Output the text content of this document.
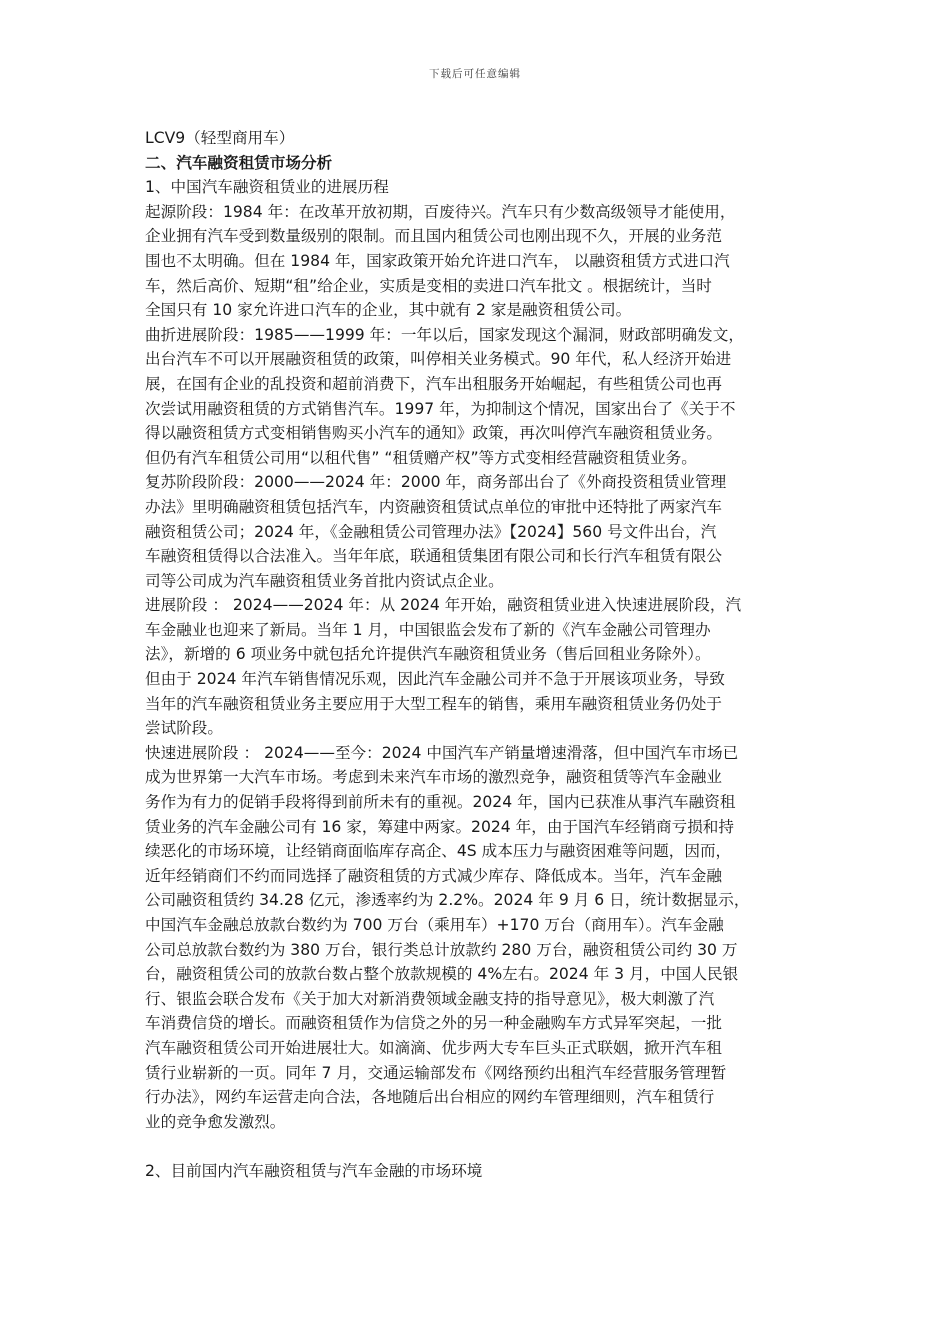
下载后可任意编辑
LCV9（轻型商用车）
二、汽车融资租赁市场分析
1、中国汽车融资租赁业的进展历程
起源阶段：1984 年：在改革开放初期，百废待兴。汽车只有少数高级领导才能使用，
企业拥有汽车受到数量级别的限制。而且国内租赁公司也刚出现不久，开展的业务范
围也不太明确。但在 1984 年，国家政策开始允许进口汽车， 以融资租赁方式进口汽
车，然后高价、短期“租”给企业，实质是变相的卖进口汽车批文 。根据统计，当时
全国只有 10 家允许进口汽车的企业，其中就有 2 家是融资租赁公司。
曲折进展阶段：1985——1999 年：一年以后，国家发现这个漏洞，财政部明确发文，
出台汽车不可以开展融资租赁的政策，叫停相关业务模式。90 年代，私人经济开始进
展，在国有企业的乱投资和超前消费下，汽车出租服务开始崛起，有些租赁公司也再
次尝试用融资租赁的方式销售汽车。1997 年，为抑制这个情况，国家出台了《关于不
得以融资租赁方式变相销售购买小汽车的通知》政策，再次叫停汽车融资租赁业务。
但仍有汽车租赁公司用“以租代售” “租赁赠产权”等方式变相经营融资租赁业务。
复苏阶段阶段：2000——2024 年：2000 年，商务部出台了《外商投资租赁业管理
办法》里明确融资租赁包括汽车，内资融资租赁试点单位的审批中还特批了两家汽车
融资租赁公司；2024 年，《金融租赁公司管理办法》【2024】560 号文件出台，汽
车融资租赁得以合法准入。当年年底，联通租赁集团有限公司和长行汽车租赁有限公
司等公司成为汽车融资租赁业务首批内资试点企业。
进展阶段 ： 2024——2024 年：从 2024 年开始，融资租赁业进入快速进展阶段，汽
车金融业也迎来了新局。当年 1 月，中国银监会发布了新的《汽车金融公司管理办
法》，新增的 6 项业务中就包括允许提供汽车融资租赁业务（售后回租业务除外）。
但由于 2024 年汽车销售情况乐观，因此汽车金融公司并不急于开展该项业务，导致
当年的汽车融资租赁业务主要应用于大型工程车的销售，乘用车融资租赁业务仍处于
尝试阶段。
快速进展阶段 ： 2024——至今：2024 中国汽车产销量增速滑落，但中国汽车市场已
成为世界第一大汽车市场。考虑到未来汽车市场的激烈竞争，融资租赁等汽车金融业
务作为有力的促销手段将得到前所未有的重视。2024 年，国内已获准从事汽车融资租
赁业务的汽车金融公司有 16 家，筹建中两家。2024 年，由于国汽车经销商亏损和持
续恶化的市场环境，让经销商面临库存高企、4S 成本压力与融资困难等问题，因而，
近年经销商们不约而同选择了融资租赁的方式减少库存、降低成本。当年，汽车金融
公司融资租赁约 34.28 亿元，渗透率约为 2.2%。2024 年 9 月 6 日，统计数据显示，
中国汽车金融总放款台数约为 700 万台（乘用车）+170 万台（商用车）。汽车金融
公司总放款台数约为 380 万台，银行类总计放款约 280 万台，融资租赁公司约 30 万
台，融资租赁公司的放款台数占整个放款规模的 4%左右。2024 年 3 月，中国人民银
行、银监会联合发布《关于加大对新消费领域金融支持的指导意见》，极大刺激了汽
车消费信贷的增长。而融资租赁作为信贷之外的另一种金融购车方式异军突起，一批
汽车融资租赁公司开始进展壮大。如滴滴、优步两大专车巨头正式联姻，掀开汽车租
赁行业崭新的一页。同年 7 月，交通运输部发布《网络预约出租汽车经营服务管理暂
行办法》，网约车运营走向合法，各地随后出台相应的网约车管理细则，汽车租赁行
业的竞争愈发激烈。
2、目前国内汽车融资租赁与汽车金融的市场环境
